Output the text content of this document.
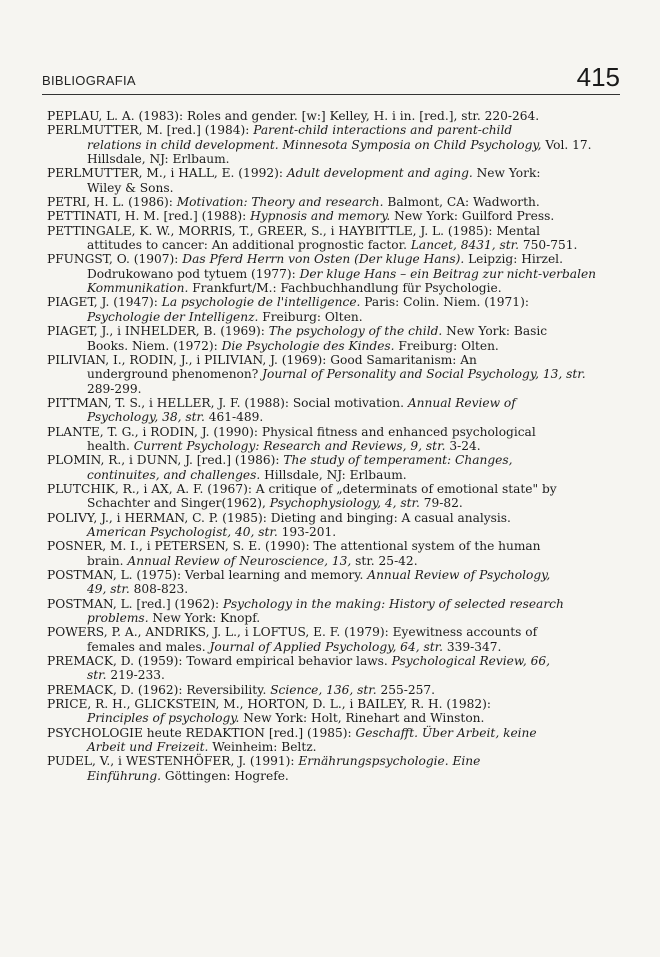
BIBLIOGRAFIA	415

PEPLAU, L. A. (1983): Roles and gender. [w:] Kelley, H. i in. [red.], str. 220-264.

PERLMUTTER, M. [red.] (1984): Parent-child interactions and parent-child
relations in child development. Minnesota Symposia on Child Psychology, Vol. 17.
Hillsdale, NJ: Erlbaum.

PERLMUTTER, M., i HALL, E. (1992): Adult development and aging. New York:
Wiley & Sons.

PETRI, H. L. (1986): Motivation: Theory and research. Balmont, CA: Wadworth.

PETTINATI, H. M. [red.] (1988): Hypnosis and memory. New York: Guilford Press.

PETTINGALE, K. W., MORRIS, T., GREER, S., i HAYBITTLE, J. L. (1985): Mental
attitudes to cancer: An additional prognostic factor. Lancet, 8431, str. 750-751.

PFUNGST, O. (1907): Das Pferd Herrn von Osten (Der kluge Hans). Leipzig: Hirzel.
Dodrukowano pod tytuem (1977): Der kluge Hans – ein Beitrag zur nicht-verbalen
Kommunikation. Frankfurt/M.: Fachbuchhandlung für Psychologie.

PIAGET, J. (1947): La psychologie de l'intelligence. Paris: Colin. Niem. (1971):
Psychologie der Intelligenz. Freiburg: Olten.

PIAGET, J., i INHELDER, B. (1969): The psychology of the child. New York: Basic
Books. Niem. (1972): Die Psychologie des Kindes. Freiburg: Olten.

PILIVIAN, I., RODIN, J., i PILIVIAN, J. (1969): Good Samaritanism: An
underground phenomenon? Journal of Personality and Social Psychology, 13, str.
289-299.

PITTMAN, T. S., i HELLER, J. F. (1988): Social motivation. Annual Review of
Psychology, 38, str. 461-489.

PLANTE, T. G., i RODIN, J. (1990): Physical fitness and enhanced psychological
health. Current Psychology: Research and Reviews, 9, str. 3-24.

PLOMIN, R., i DUNN, J. [red.] (1986): The study of temperament: Changes,
continuites, and challenges. Hillsdale, NJ: Erlbaum.

PLUTCHIK, R., i AX, A. F. (1967): A critique of „determinats of emotional state" by
Schachter and Singer(1962), Psychophysiology, 4, str. 79-82.

POLIVY, J., i HERMAN, C. P. (1985): Dieting and binging: A casual analysis.
American Psychologist, 40, str. 193-201.

POSNER, M. I., i PETERSEN, S. E. (1990): The attentional system of the human
brain. Annual Review of Neuroscience, 13, str. 25-42.

POSTMAN, L. (1975): Verbal learning and memory. Annual Review of Psychology,
49, str. 808-823.

POSTMAN, L. [red.] (1962): Psychology in the making: History of selected research
problems. New York: Knopf.

POWERS, P. A., ANDRIKS, J. L., i LOFTUS, E. F. (1979): Eyewitness accounts of
females and males. Journal of Applied Psychology, 64, str. 339-347.

PREMACK, D. (1959): Toward empirical behavior laws. Psychological Review, 66,
str. 219-233.

PREMACK, D. (1962): Reversibility. Science, 136, str. 255-257.

PRICE, R. H., GLICKSTEIN, M., HORTON, D. L., i BAILEY, R. H. (1982):
Principles of psychology. New York: Holt, Rinehart and Winston.

PSYCHOLOGIE heute REDAKTION [red.] (1985): Geschafft. Über Arbeit, keine
Arbeit und Freizeit. Weinheim: Beltz.

PUDEL, V., i WESTENHÖFER, J. (1991): Ernährungspsychologie. Eine
Einführung. Göttingen: Hogrefe.
